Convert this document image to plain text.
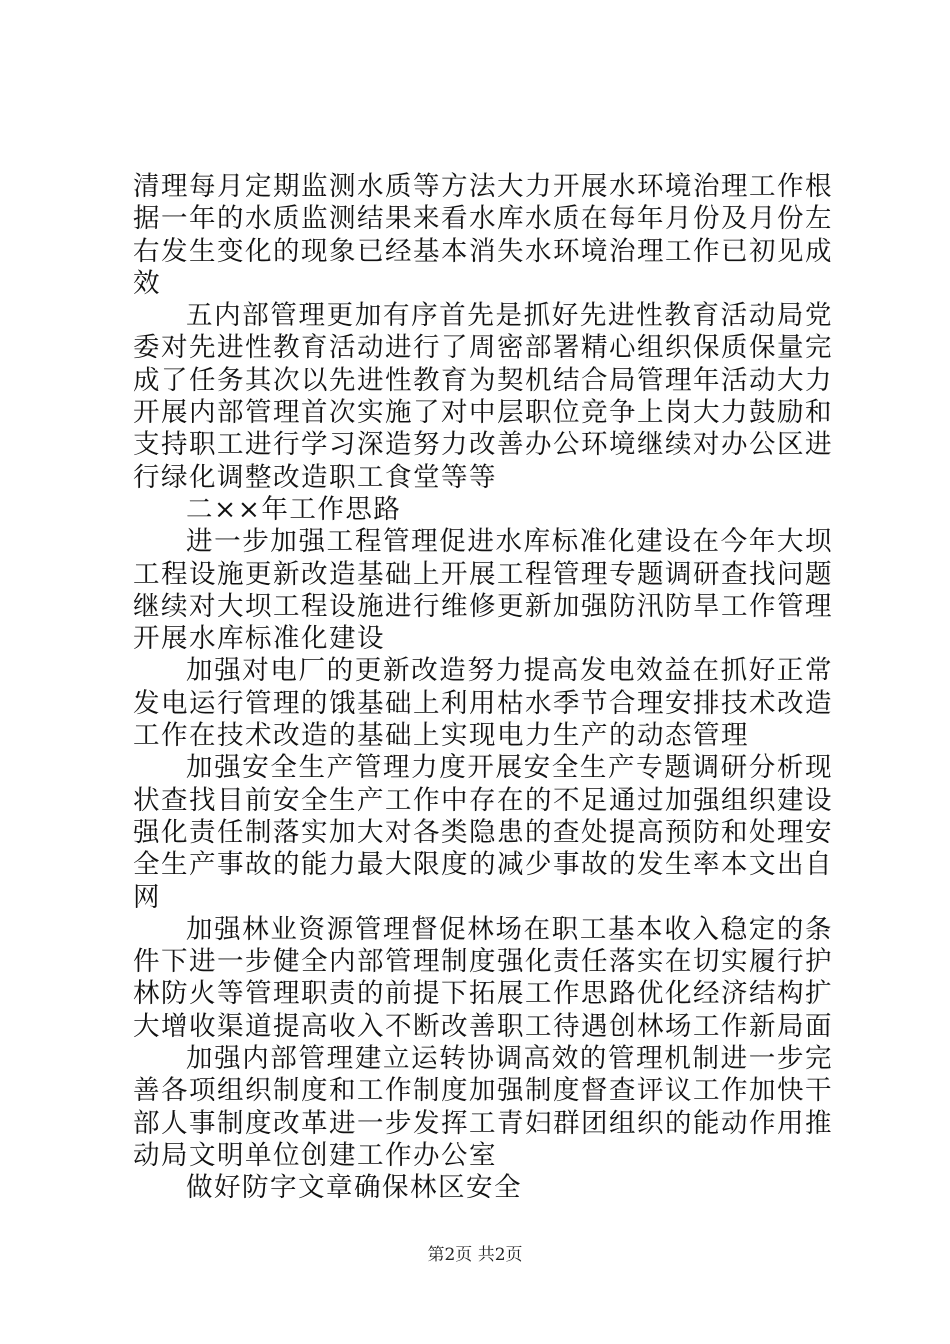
清理每月定期监测水质等方法大力开展水环境治理工作根据一年的水质监测结果来看水库水质在每年月份及月份左右发生变化的现象已经基本消失水环境治理工作已初见成效

五内部管理更加有序首先是抓好先进性教育活动局党委对先进性教育活动进行了周密部署精心组织保质保量完成了任务其次以先进性教育为契机结合局管理年活动大力开展内部管理首次实施了对中层职位竞争上岗大力鼓励和支持职工进行学习深造努力改善办公环境继续对办公区进行绿化调整改造职工食堂等等

二××年工作思路

进一步加强工程管理促进水库标准化建设在今年大坝工程设施更新改造基础上开展工程管理专题调研查找问题继续对大坝工程设施进行维修更新加强防汛防旱工作管理开展水库标准化建设

加强对电厂的更新改造努力提高发电效益在抓好正常发电运行管理的饿基础上利用枯水季节合理安排技术改造工作在技术改造的基础上实现电力生产的动态管理

加强安全生产管理力度开展安全生产专题调研分析现状查找目前安全生产工作中存在的不足通过加强组织建设强化责任制落实加大对各类隐患的查处提高预防和处理安全生产事故的能力最大限度的减少事故的发生率本文出自网

加强林业资源管理督促林场在职工基本收入稳定的条件下进一步健全内部管理制度强化责任落实在切实履行护林防火等管理职责的前提下拓展工作思路优化经济结构扩大增收渠道提高收入不断改善职工待遇创林场工作新局面

加强内部管理建立运转协调高效的管理机制进一步完善各项组织制度和工作制度加强制度督查评议工作加快干部人事制度改革进一步发挥工青妇群团组织的能动作用推动局文明单位创建工作办公室

做好防字文章确保林区安全

第2页 共2页
